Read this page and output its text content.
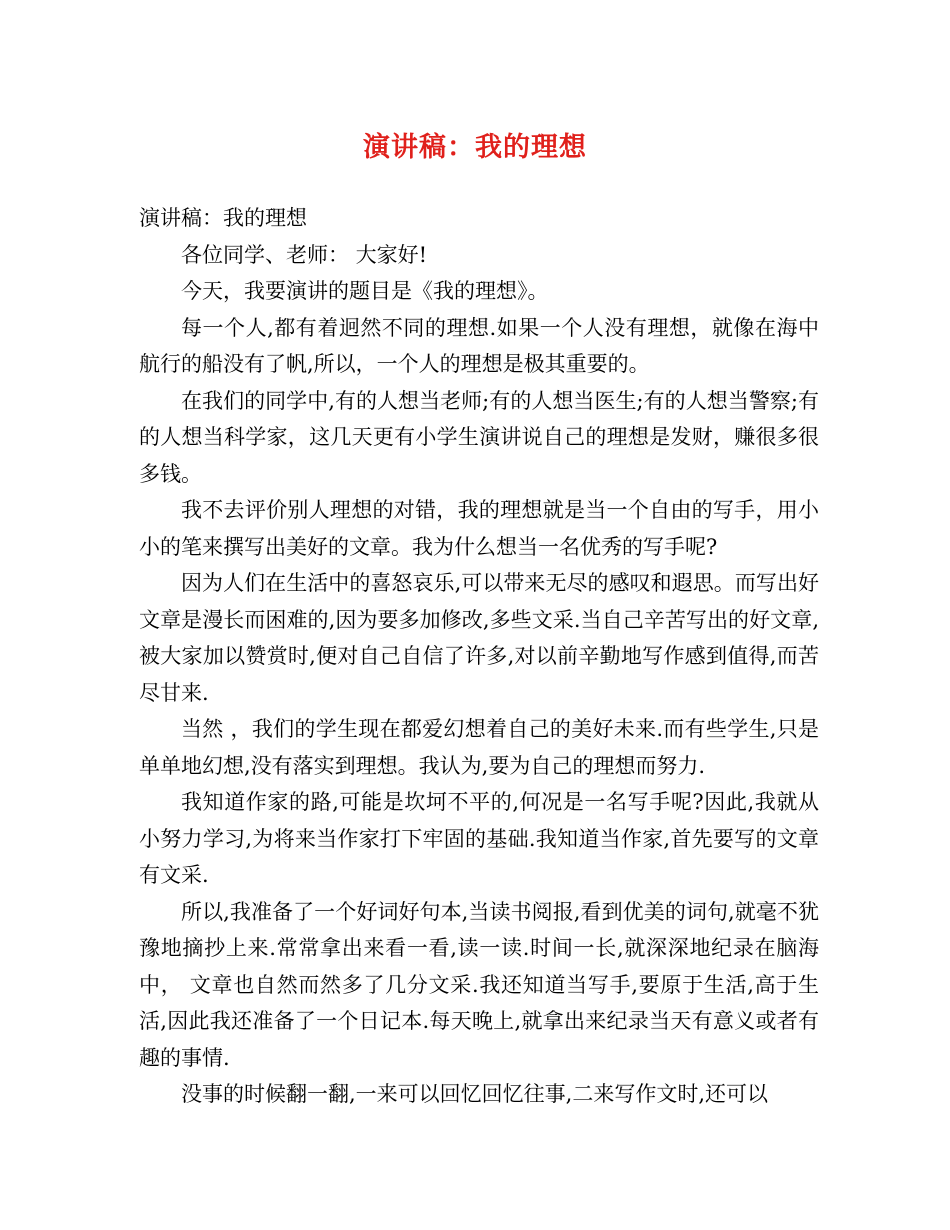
演讲稿：我的理想

演讲稿：我的理想

各位同学、老师： 大家好!

今天，我要演讲的题目是《我的理想》。

每一个人,都有着迥然不同的理想.如果一个人没有理想，就像在海中航行的船没有了帆,所以，一个人的理想是极其重要的。

在我们的同学中,有的人想当老师;有的人想当医生;有的人想当警察;有的人想当科学家，这几天更有小学生演讲说自己的理想是发财，赚很多很多钱。

我不去评价别人理想的对错，我的理想就是当一个自由的写手，用小小的笔来撰写出美好的文章。我为什么想当一名优秀的写手呢?

因为人们在生活中的喜怒哀乐,可以带来无尽的感叹和遐思。而写出好文章是漫长而困难的,因为要多加修改,多些文采.当自己辛苦写出的好文章,被大家加以赞赏时,便对自己自信了许多,对以前辛勤地写作感到值得,而苦尽甘来.

当然 ，我们的学生现在都爱幻想着自己的美好未来.而有些学生,只是单单地幻想,没有落实到理想。我认为,要为自己的理想而努力.

我知道作家的路,可能是坎坷不平的,何况是一名写手呢?因此,我就从小努力学习,为将来当作家打下牢固的基础.我知道当作家,首先要写的文章有文采.

所以,我准备了一个好词好句本,当读书阅报,看到优美的词句,就毫不犹豫地摘抄上来.常常拿出来看一看,读一读.时间一长,就深深地纪录在脑海中， 文章也自然而然多了几分文采.我还知道当写手,要原于生活,高于生活,因此我还准备了一个日记本.每天晚上,就拿出来纪录当天有意义或者有趣的事情.

没事的时候翻一翻,一来可以回忆回忆往事,二来写作文时,还可以
